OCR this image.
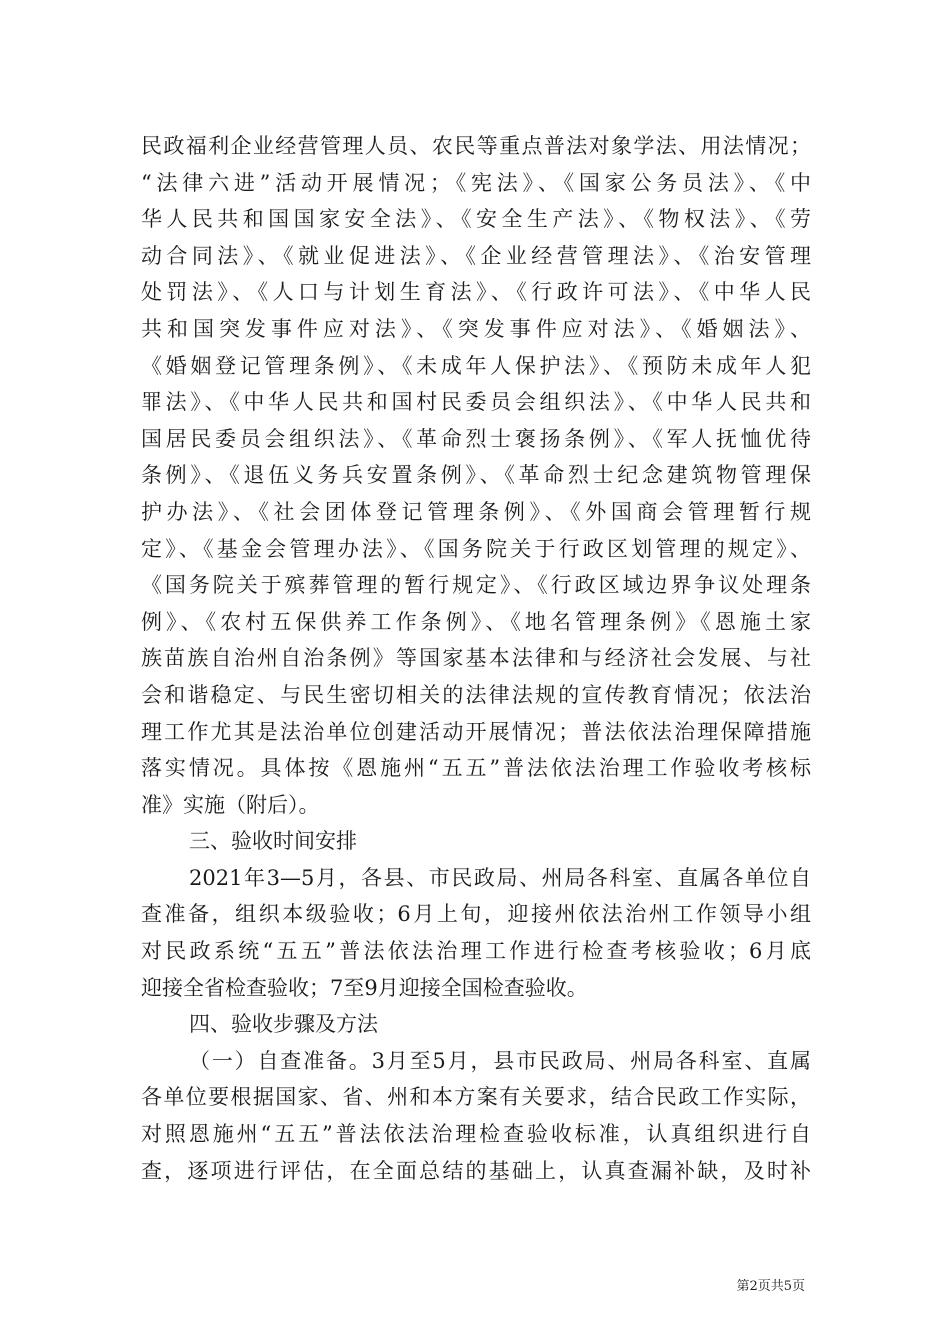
民政福利企业经营管理人员、农民等重点普法对象学法、用法情况；
“法律六进”活动开展情况；《宪法》、《国家公务员法》、《中
华人民共和国国家安全法》、《安全生产法》、《物权法》、《劳
动合同法》、《就业促进法》、《企业经营管理法》、《治安管理
处罚法》、《人口与计划生育法》、《行政许可法》、《中华人民
共和国突发事件应对法》、《突发事件应对法》、《婚姻法》、
《婚姻登记管理条例》、《未成年人保护法》、《预防未成年人犯
罪法》、《中华人民共和国村民委员会组织法》、《中华人民共和
国居民委员会组织法》、《革命烈士褒扬条例》、《军人抚恤优待
条例》、《退伍义务兵安置条例》、《革命烈士纪念建筑物管理保
护办法》、《社会团体登记管理条例》、《外国商会管理暂行规
定》、《基金会管理办法》、《国务院关于行政区划管理的规定》、
《国务院关于殡葬管理的暂行规定》、《行政区域边界争议处理条
例》、《农村五保供养工作条例》、《地名管理条例》《恩施土家
族苗族自治州自治条例》等国家基本法律和与经济社会发展、与社
会和谐稳定、与民生密切相关的法律法规的宣传教育情况；依法治
理工作尤其是法治单位创建活动开展情况；普法依法治理保障措施
落实情况。具体按《恩施州“五五”普法依法治理工作验收考核标
准》实施（附后）。
三、验收时间安排
2021年3—5月，各县、市民政局、州局各科室、直属各单位自
查准备，组织本级验收；6月上旬，迎接州依法治州工作领导小组
对民政系统“五五”普法依法治理工作进行检查考核验收；6月底
迎接全省检查验收；7至9月迎接全国检查验收。
四、验收步骤及方法
（一）自查准备。3月至5月，县市民政局、州局各科室、直属
各单位要根据国家、省、州和本方案有关要求，结合民政工作实际，
对照恩施州“五五”普法依法治理检查验收标准，认真组织进行自
查，逐项进行评估，在全面总结的基础上，认真查漏补缺，及时补
第2页共5页
